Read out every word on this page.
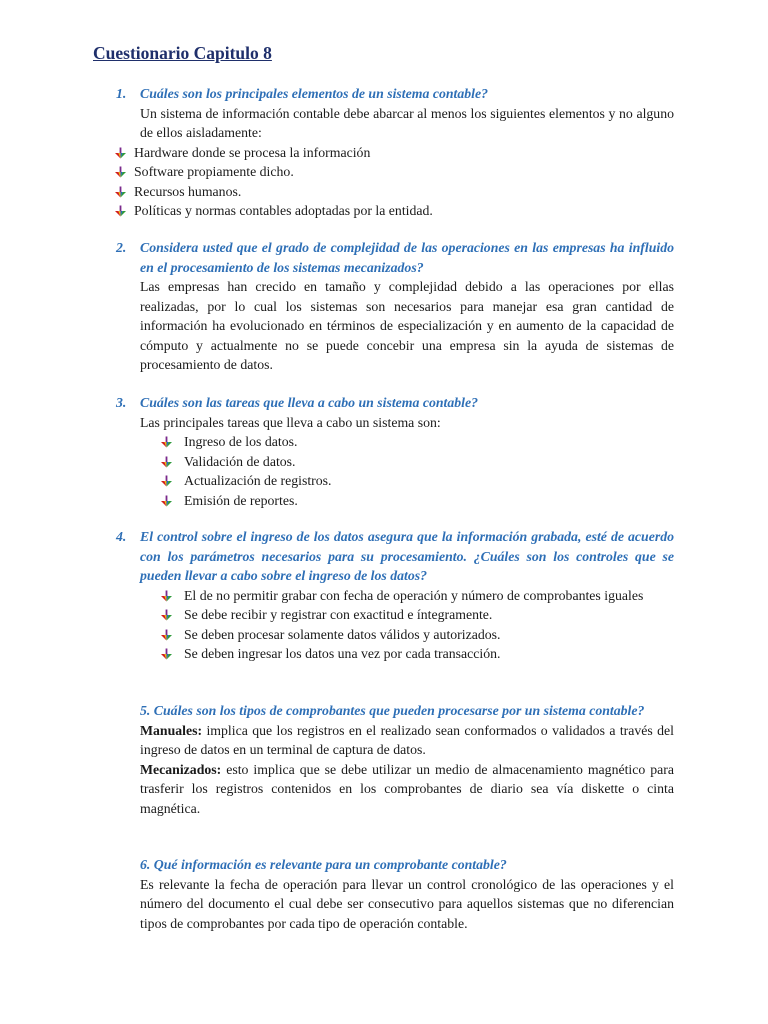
Cuestionario Capitulo 8
1. Cuáles son los principales elementos de un sistema contable?

Un sistema de información contable debe abarcar al menos los siguientes elementos y no alguno de ellos aisladamente:

Hardware donde se procesa la información
Software propiamente dicho.
Recursos humanos.
Políticas y normas contables adoptadas por la entidad.
2. Considera usted que el grado de complejidad de las operaciones en las empresas ha influido en el procesamiento de los sistemas mecanizados?

Las empresas han crecido en tamaño y complejidad debido a las operaciones por ellas realizadas, por lo cual los sistemas son necesarios para manejar esa gran cantidad de información ha evolucionado en términos de especialización y en aumento de la capacidad de cómputo y actualmente no se puede concebir una empresa sin la ayuda de sistemas de procesamiento de datos.

3. Cuáles son las tareas que lleva a cabo un sistema contable?

Las principales tareas que lleva a cabo un sistema son:

Ingreso de los datos.
Validación de datos.
Actualización de registros.
Emisión de reportes.
4. El control sobre el ingreso de los datos asegura que la información grabada, esté de acuerdo con los parámetros necesarios para su procesamiento. ¿Cuáles son los controles que se pueden llevar a cabo sobre el ingreso de los datos?
El de no permitir grabar con fecha de operación y número de comprobantes iguales
Se debe recibir y registrar con exactitud e íntegramente.
Se deben procesar solamente datos válidos y autorizados.
Se deben ingresar los datos una vez por cada transacción.
5. Cuáles son los tipos de comprobantes que pueden procesarse por un sistema contable?

Manuales: implica que los registros en el realizado sean conformados o validados a través del ingreso de datos en un terminal de captura de datos.

Mecanizados: esto implica que se debe utilizar un medio de almacenamiento magnético para trasferir los registros contenidos en los comprobantes de diario sea vía diskette o cinta magnética.

6. Qué información es relevante para un comprobante contable?

Es relevante la fecha de operación para llevar un control cronológico de las operaciones y el número del documento el cual debe ser consecutivo para aquellos sistemas que no diferencian tipos de comprobantes por cada tipo de operación contable.
